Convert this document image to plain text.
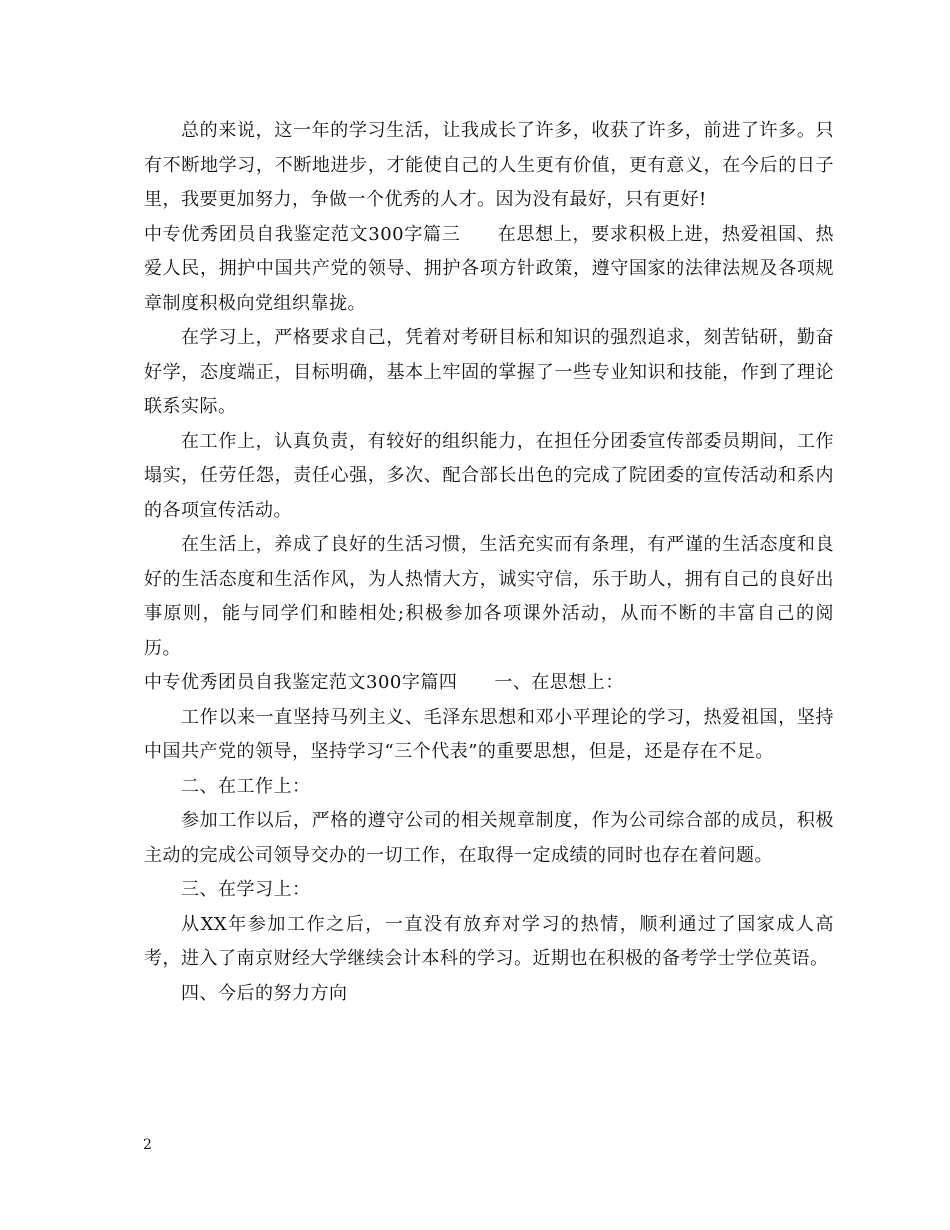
总的来说，这一年的学习生活，让我成长了许多，收获了许多，前进了许多。只有不断地学习，不断地进步，才能使自己的人生更有价值，更有意义，在今后的日子里，我要更加努力，争做一个优秀的人才。因为没有最好，只有更好!

中专优秀团员自我鉴定范文300字篇三　　在思想上，要求积极上进，热爱祖国、热爱人民，拥护中国共产党的领导、拥护各项方针政策，遵守国家的法律法规及各项规章制度积极向党组织靠拢。

在学习上，严格要求自己，凭着对考研目标和知识的强烈追求，刻苦钻研，勤奋好学，态度端正，目标明确，基本上牢固的掌握了一些专业知识和技能，作到了理论联系实际。

在工作上，认真负责，有较好的组织能力，在担任分团委宣传部委员期间，工作塌实，任劳任怨，责任心强，多次、配合部长出色的完成了院团委的宣传活动和系内的各项宣传活动。

在生活上，养成了良好的生活习惯，生活充实而有条理，有严谨的生活态度和良好的生活态度和生活作风，为人热情大方，诚实守信，乐于助人，拥有自己的良好出事原则，能与同学们和睦相处;积极参加各项课外活动，从而不断的丰富自己的阅历。

中专优秀团员自我鉴定范文300字篇四　　一、在思想上：

工作以来一直坚持马列主义、毛泽东思想和邓小平理论的学习，热爱祖国，坚持中国共产党的领导，坚持学习“三个代表”的重要思想，但是，还是存在不足。

二、在工作上：

参加工作以后，严格的遵守公司的相关规章制度，作为公司综合部的成员，积极主动的完成公司领导交办的一切工作，在取得一定成绩的同时也存在着问题。

三、在学习上：

从XX年参加工作之后，一直没有放弃对学习的热情，顺利通过了国家成人高考，进入了南京财经大学继续会计本科的学习。近期也在积极的备考学士学位英语。

四、今后的努力方向

2
